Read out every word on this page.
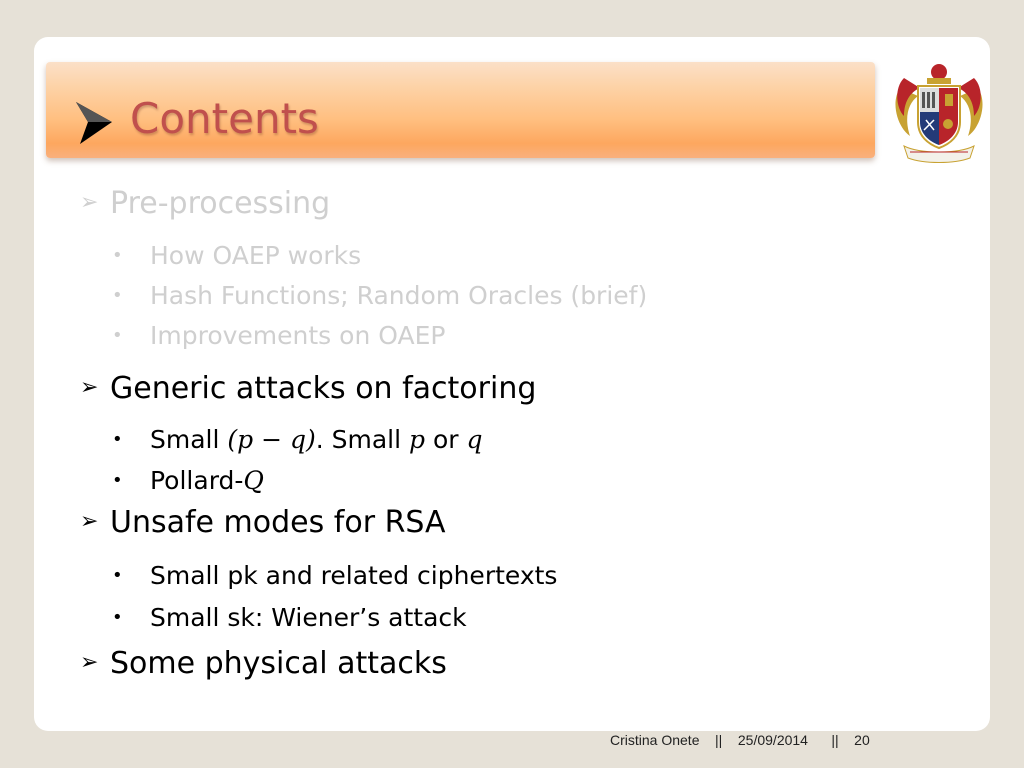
Contents
➢ Pre-processing
• How OAEP works
• Hash Functions; Random Oracles (brief)
• Improvements on OAEP
➢ Generic attacks on factoring
• Small (p − q). Small p or q
• Pollard-Q
➢ Unsafe modes for RSA
• Small pk and related ciphertexts
• Small sk: Wiener’s attack
➢ Some physical attacks
Cristina Onete || 25/09/2014 || 20
